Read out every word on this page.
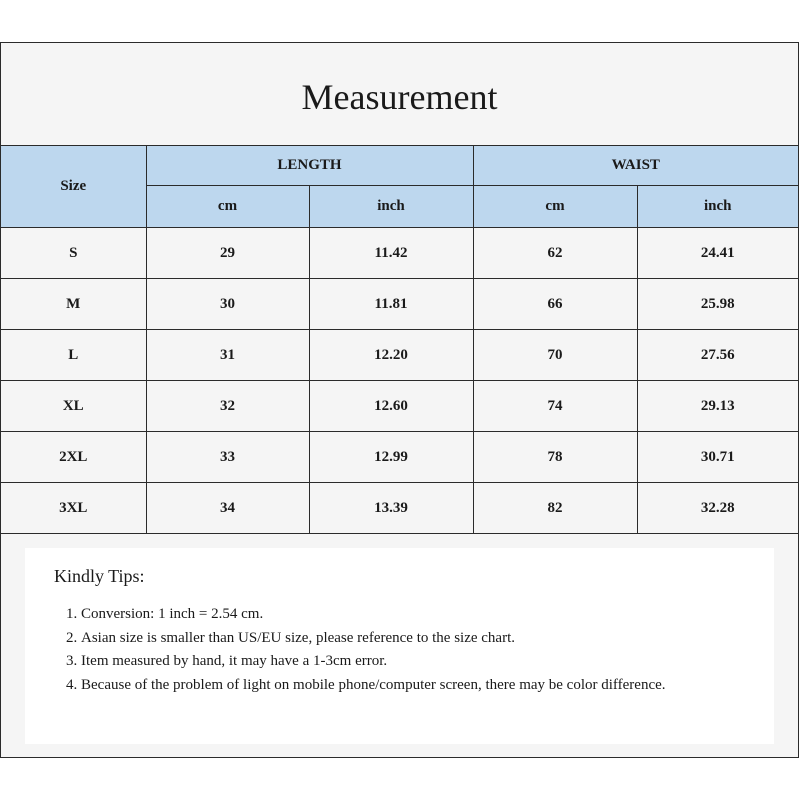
Measurement
Size	LENGTH		WAIST	
	cm	inch	cm	inch
S	29	11.42	62	24.41
M	30	11.81	66	25.98
L	31	12.20	70	27.56
XL	32	12.60	74	29.13
2XL	33	12.99	78	30.71
3XL	34	13.39	82	32.28
Kindly Tips:
1. Conversion: 1 inch = 2.54 cm.
2. Asian size is smaller than US/EU size, please reference to the size chart.
3. Item measured by hand, it may have a 1-3cm error.
4. Because of the problem of light on mobile phone/computer screen, there may be color difference.
